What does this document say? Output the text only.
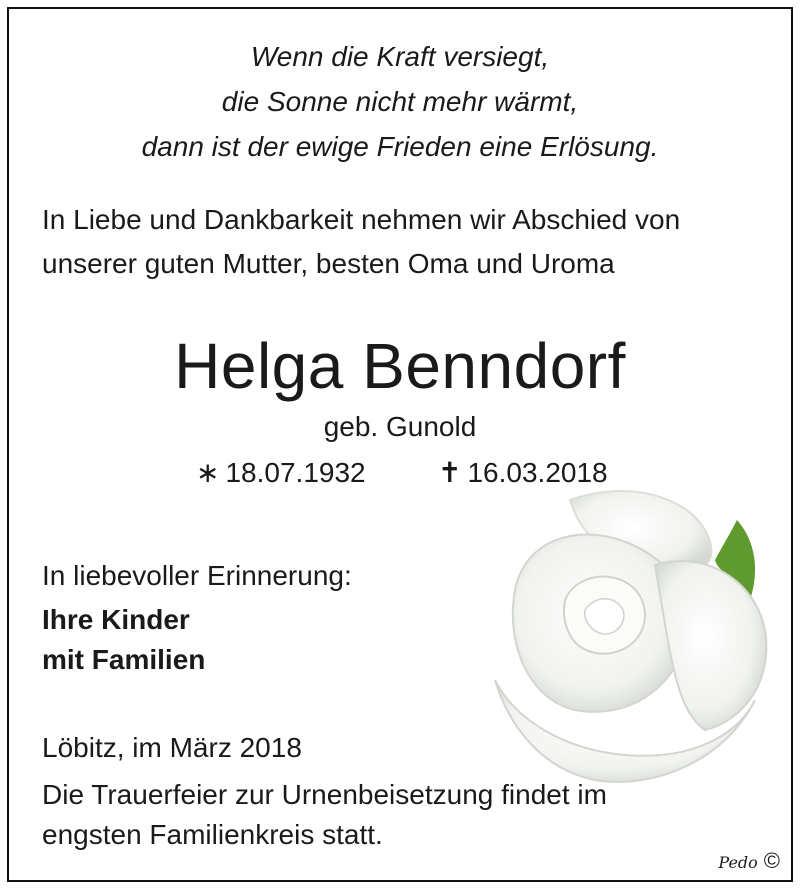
Wenn die Kraft versiegt,
die Sonne nicht mehr wärmt,
dann ist der ewige Frieden eine Erlösung.
In Liebe und Dankbarkeit nehmen wir Abschied von
unserer guten Mutter, besten Oma und Uroma
Helga Benndorf
geb. Gunold
∗ 18.07.1932	✝ 16.03.2018
In liebevoller Erinnerung:
Ihre Kinder
mit Familien
Löbitz, im März 2018
Die Trauerfeier zur Urnenbeisetzung findet im
engsten Familienkreis statt.
Pedo ©
